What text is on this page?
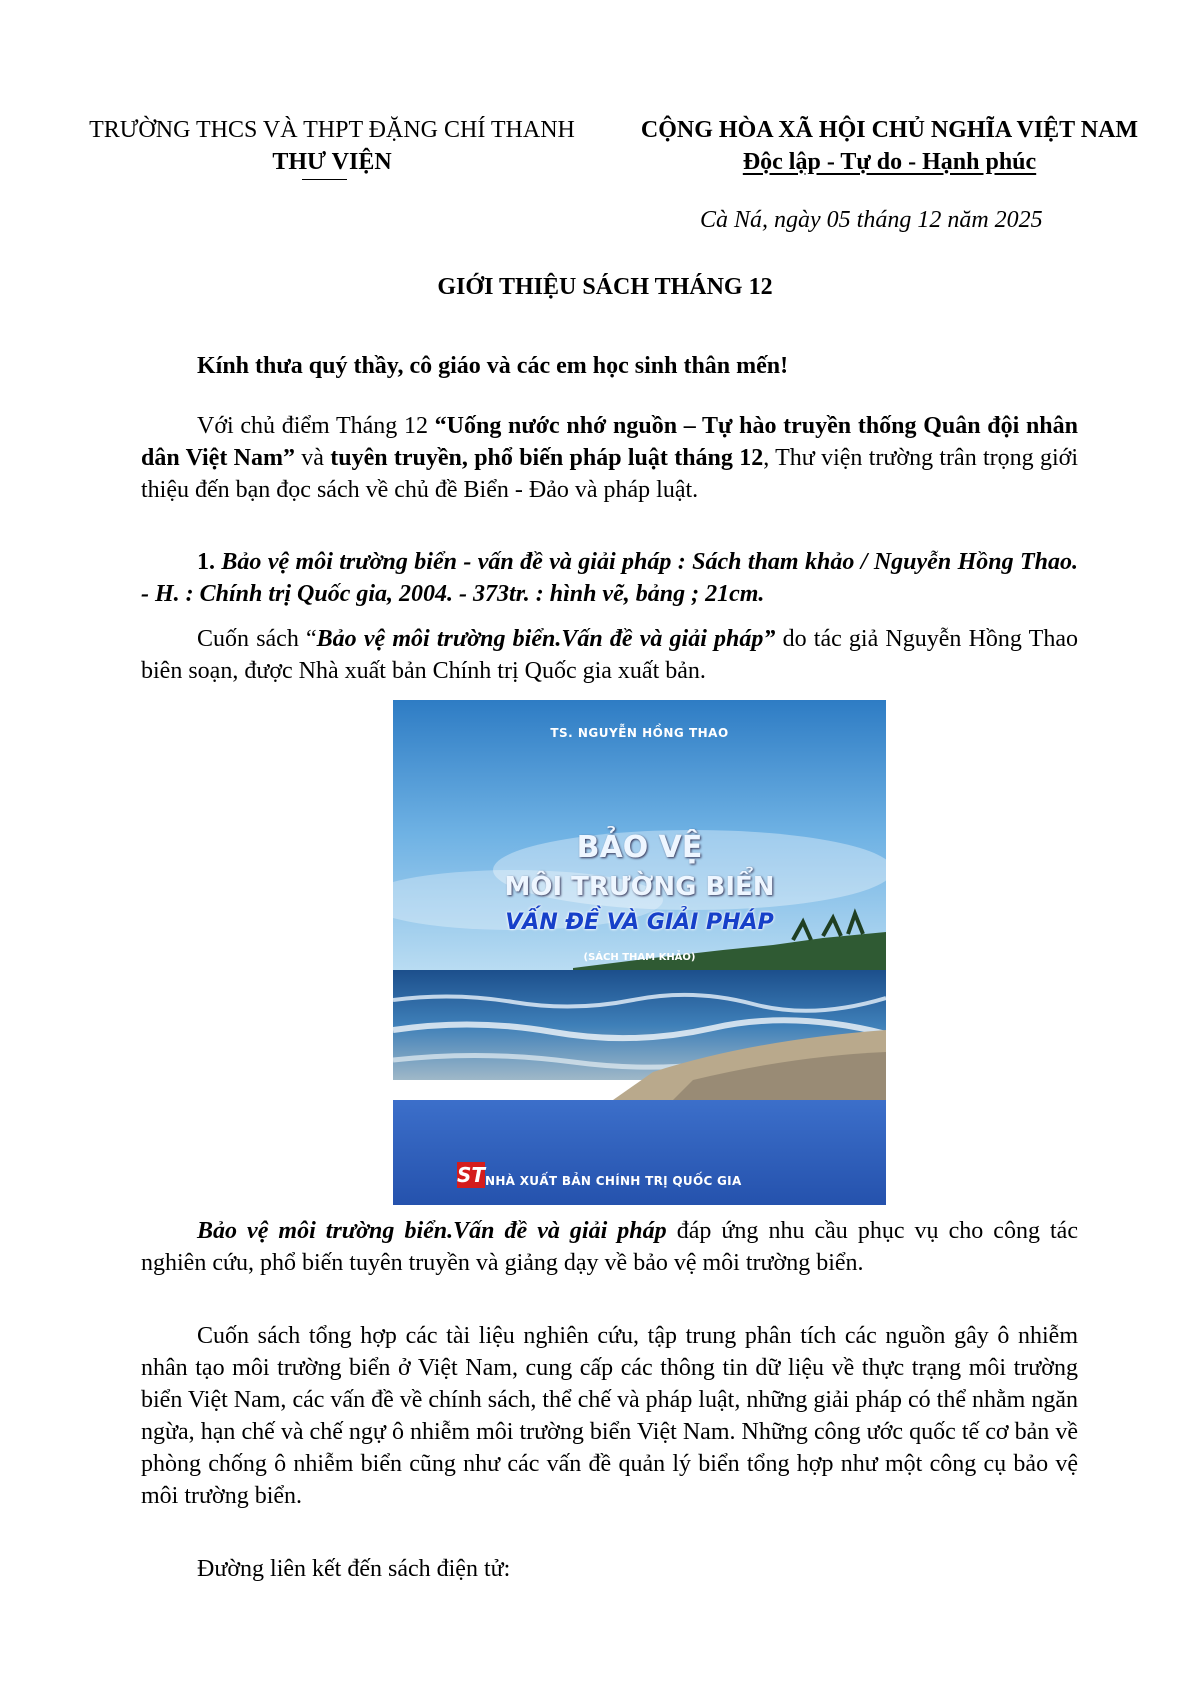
TRƯỜNG THCS VÀ THPT ĐẶNG CHÍ THANH
THƯ VIỆN
CỘNG HÒA XÃ HỘI CHỦ NGHĨA VIỆT NAM
Độc lập - Tự do - Hạnh phúc
Cà Ná, ngày 05 tháng 12 năm 2025
GIỚI THIỆU SÁCH THÁNG 12
Kính thưa quý thầy, cô giáo và các em học sinh thân mến!
Với chủ điểm Tháng 12 “Uống nước nhớ nguồn – Tự hào truyền thống Quân đội nhân dân Việt Nam” và tuyên truyền, phổ biến pháp luật tháng 12, Thư viện trường trân trọng giới thiệu đến bạn đọc sách về chủ đề Biển - Đảo và pháp luật.
1. Bảo vệ môi trường biển - vấn đề và giải pháp : Sách tham khảo / Nguyễn Hồng Thao. - H. : Chính trị Quốc gia, 2004. - 373tr. : hình vẽ, bảng ; 21cm.
Cuốn sách “Bảo vệ môi trường biển.Vấn đề và giải pháp” do tác giả Nguyễn Hồng Thao biên soạn, được Nhà xuất bản Chính trị Quốc gia xuất bản.
TS. NGUYỄN HỒNG THAO
BẢO VỆ
MÔI TRƯỜNG BIỂN
VẤN ĐỀ VÀ GIẢI PHÁP
(SÁCH THAM KHẢO)
ST NHÀ XUẤT BẢN CHÍNH TRỊ QUỐC GIA
Bảo vệ môi trường biển.Vấn đề và giải pháp đáp ứng nhu cầu phục vụ cho công tác nghiên cứu, phổ biến tuyên truyền và giảng dạy về bảo vệ môi trường biển.
Cuốn sách tổng hợp các tài liệu nghiên cứu, tập trung phân tích các nguồn gây ô nhiễm nhân tạo môi trường biển ở Việt Nam, cung cấp các thông tin dữ liệu về thực trạng môi trường biển Việt Nam, các vấn đề về chính sách, thể chế và pháp luật, những giải pháp có thể nhằm ngăn ngừa, hạn chế và chế ngự ô nhiễm môi trường biển Việt Nam. Những công ước quốc tế cơ bản về phòng chống ô nhiễm biển cũng như các vấn đề quản lý biển tổng hợp như một công cụ bảo vệ môi trường biển.
Đường liên kết đến sách điện tử:
